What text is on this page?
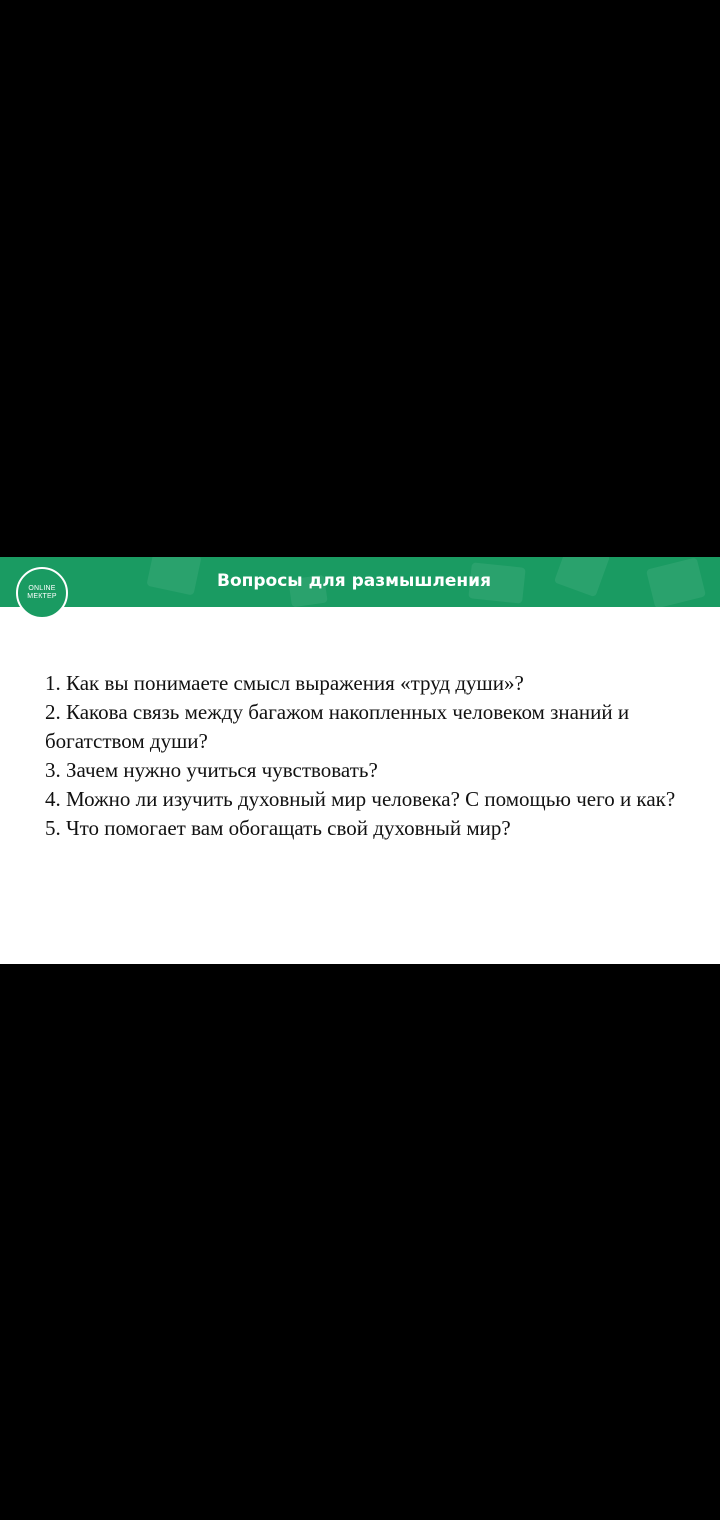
Вопросы для размышления
ONLINE
МЕКТЕР
1. Как вы понимаете смысл выражения «труд души»?
2. Какова связь между багажом накопленных человеком знаний и богатством души?
3. Зачем нужно учиться чувствовать?
4. Можно ли изучить духовный мир человека? С помощью чего и как?
5. Что помогает вам обогащать свой духовный мир?
